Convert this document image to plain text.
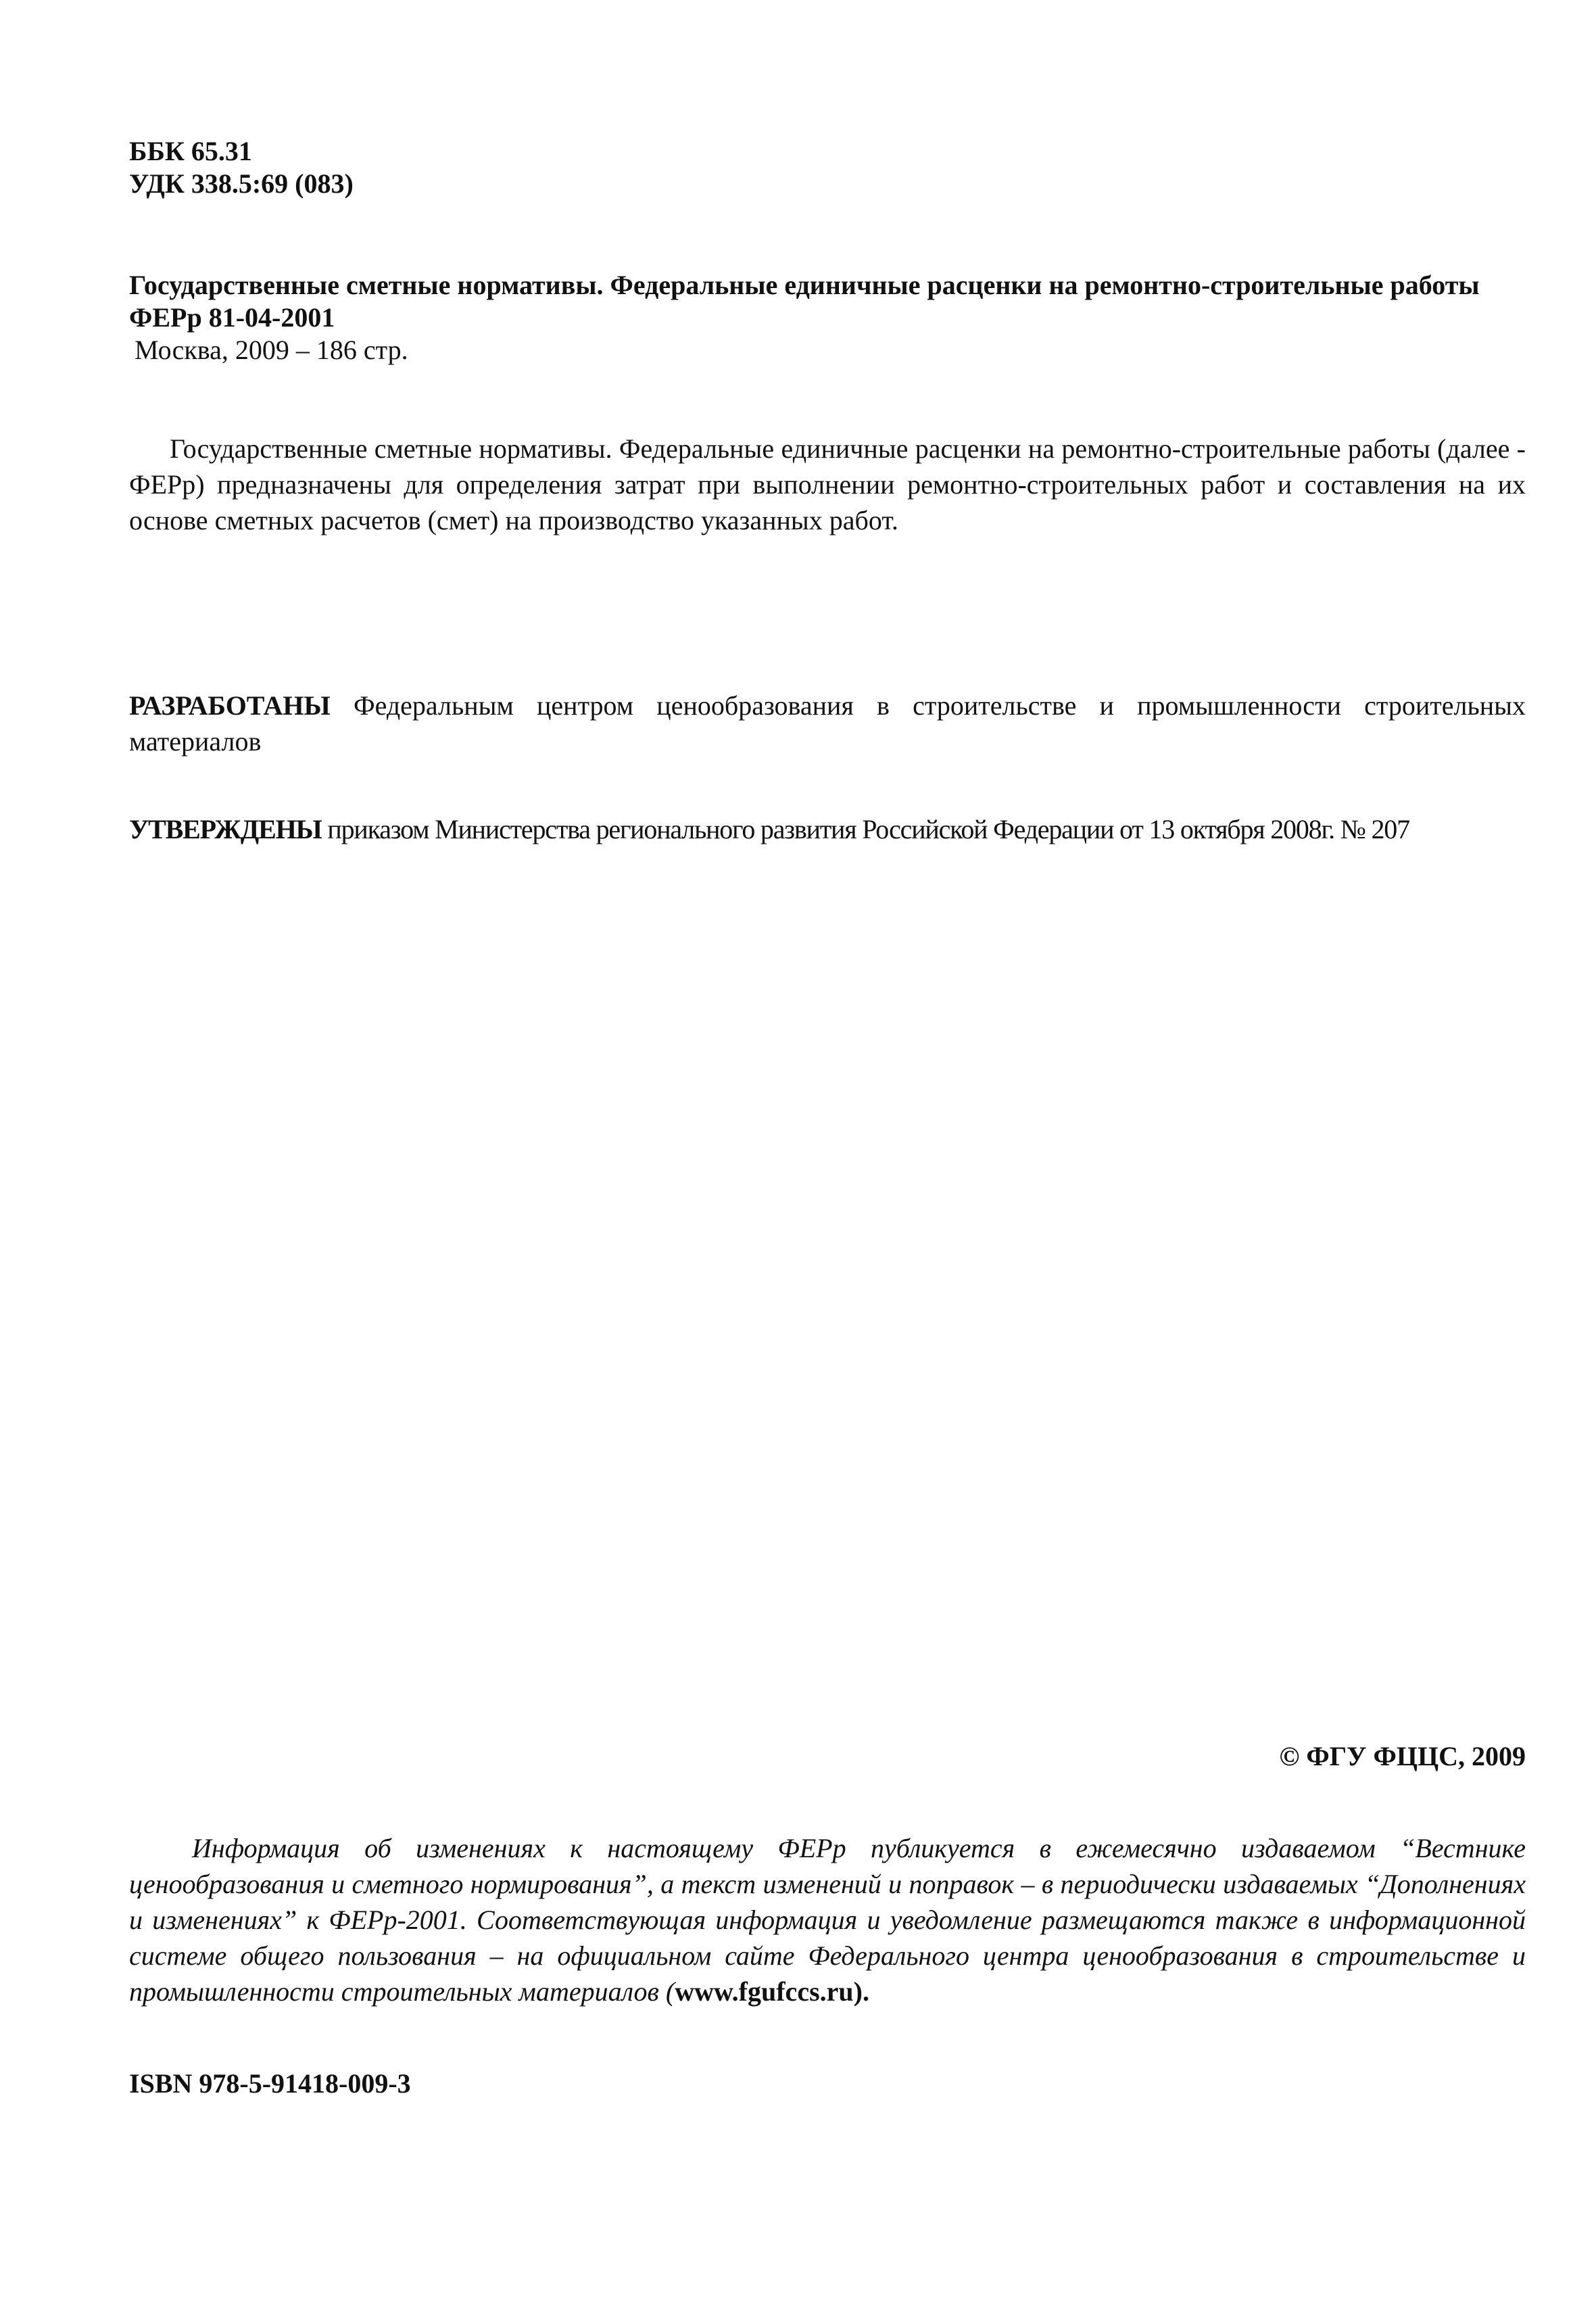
ББК 65.31
УДК 338.5:69 (083)
Государственные сметные нормативы. Федеральные единичные расценки на ремонтно-строительные работы
ФЕРр 81-04-2001
Москва, 2009 – 186 стр.

Государственные сметные нормативы. Федеральные единичные расценки на ремонтно-строительные работы (далее - ФЕРр) предназначены для определения затрат при выполнении ремонтно-строительных работ и составления на их основе сметных расчетов (смет) на производство указанных работ.

РАЗРАБОТАНЫ Федеральным центром ценообразования в строительстве и промышленности строительных материалов

УТВЕРЖДЕНЫ приказом Министерства регионального развития Российской Федерации от 13 октября 2008г. № 207

© ФГУ ФЦЦС, 2009

Информация об изменениях к настоящему ФЕРр публикуется в ежемесячно издаваемом “Вестнике ценообразования и сметного нормирования”, а текст изменений и поправок – в периодически издаваемых “Дополнениях и изменениях” к ФЕРр-2001. Соответствующая информация и уведомление размещаются также в информационной системе общего пользования – на официальном сайте Федерального центра ценообразования в строительстве и промышленности строительных материалов (www.fgufccs.ru).

ISBN 978-5-91418-009-3
